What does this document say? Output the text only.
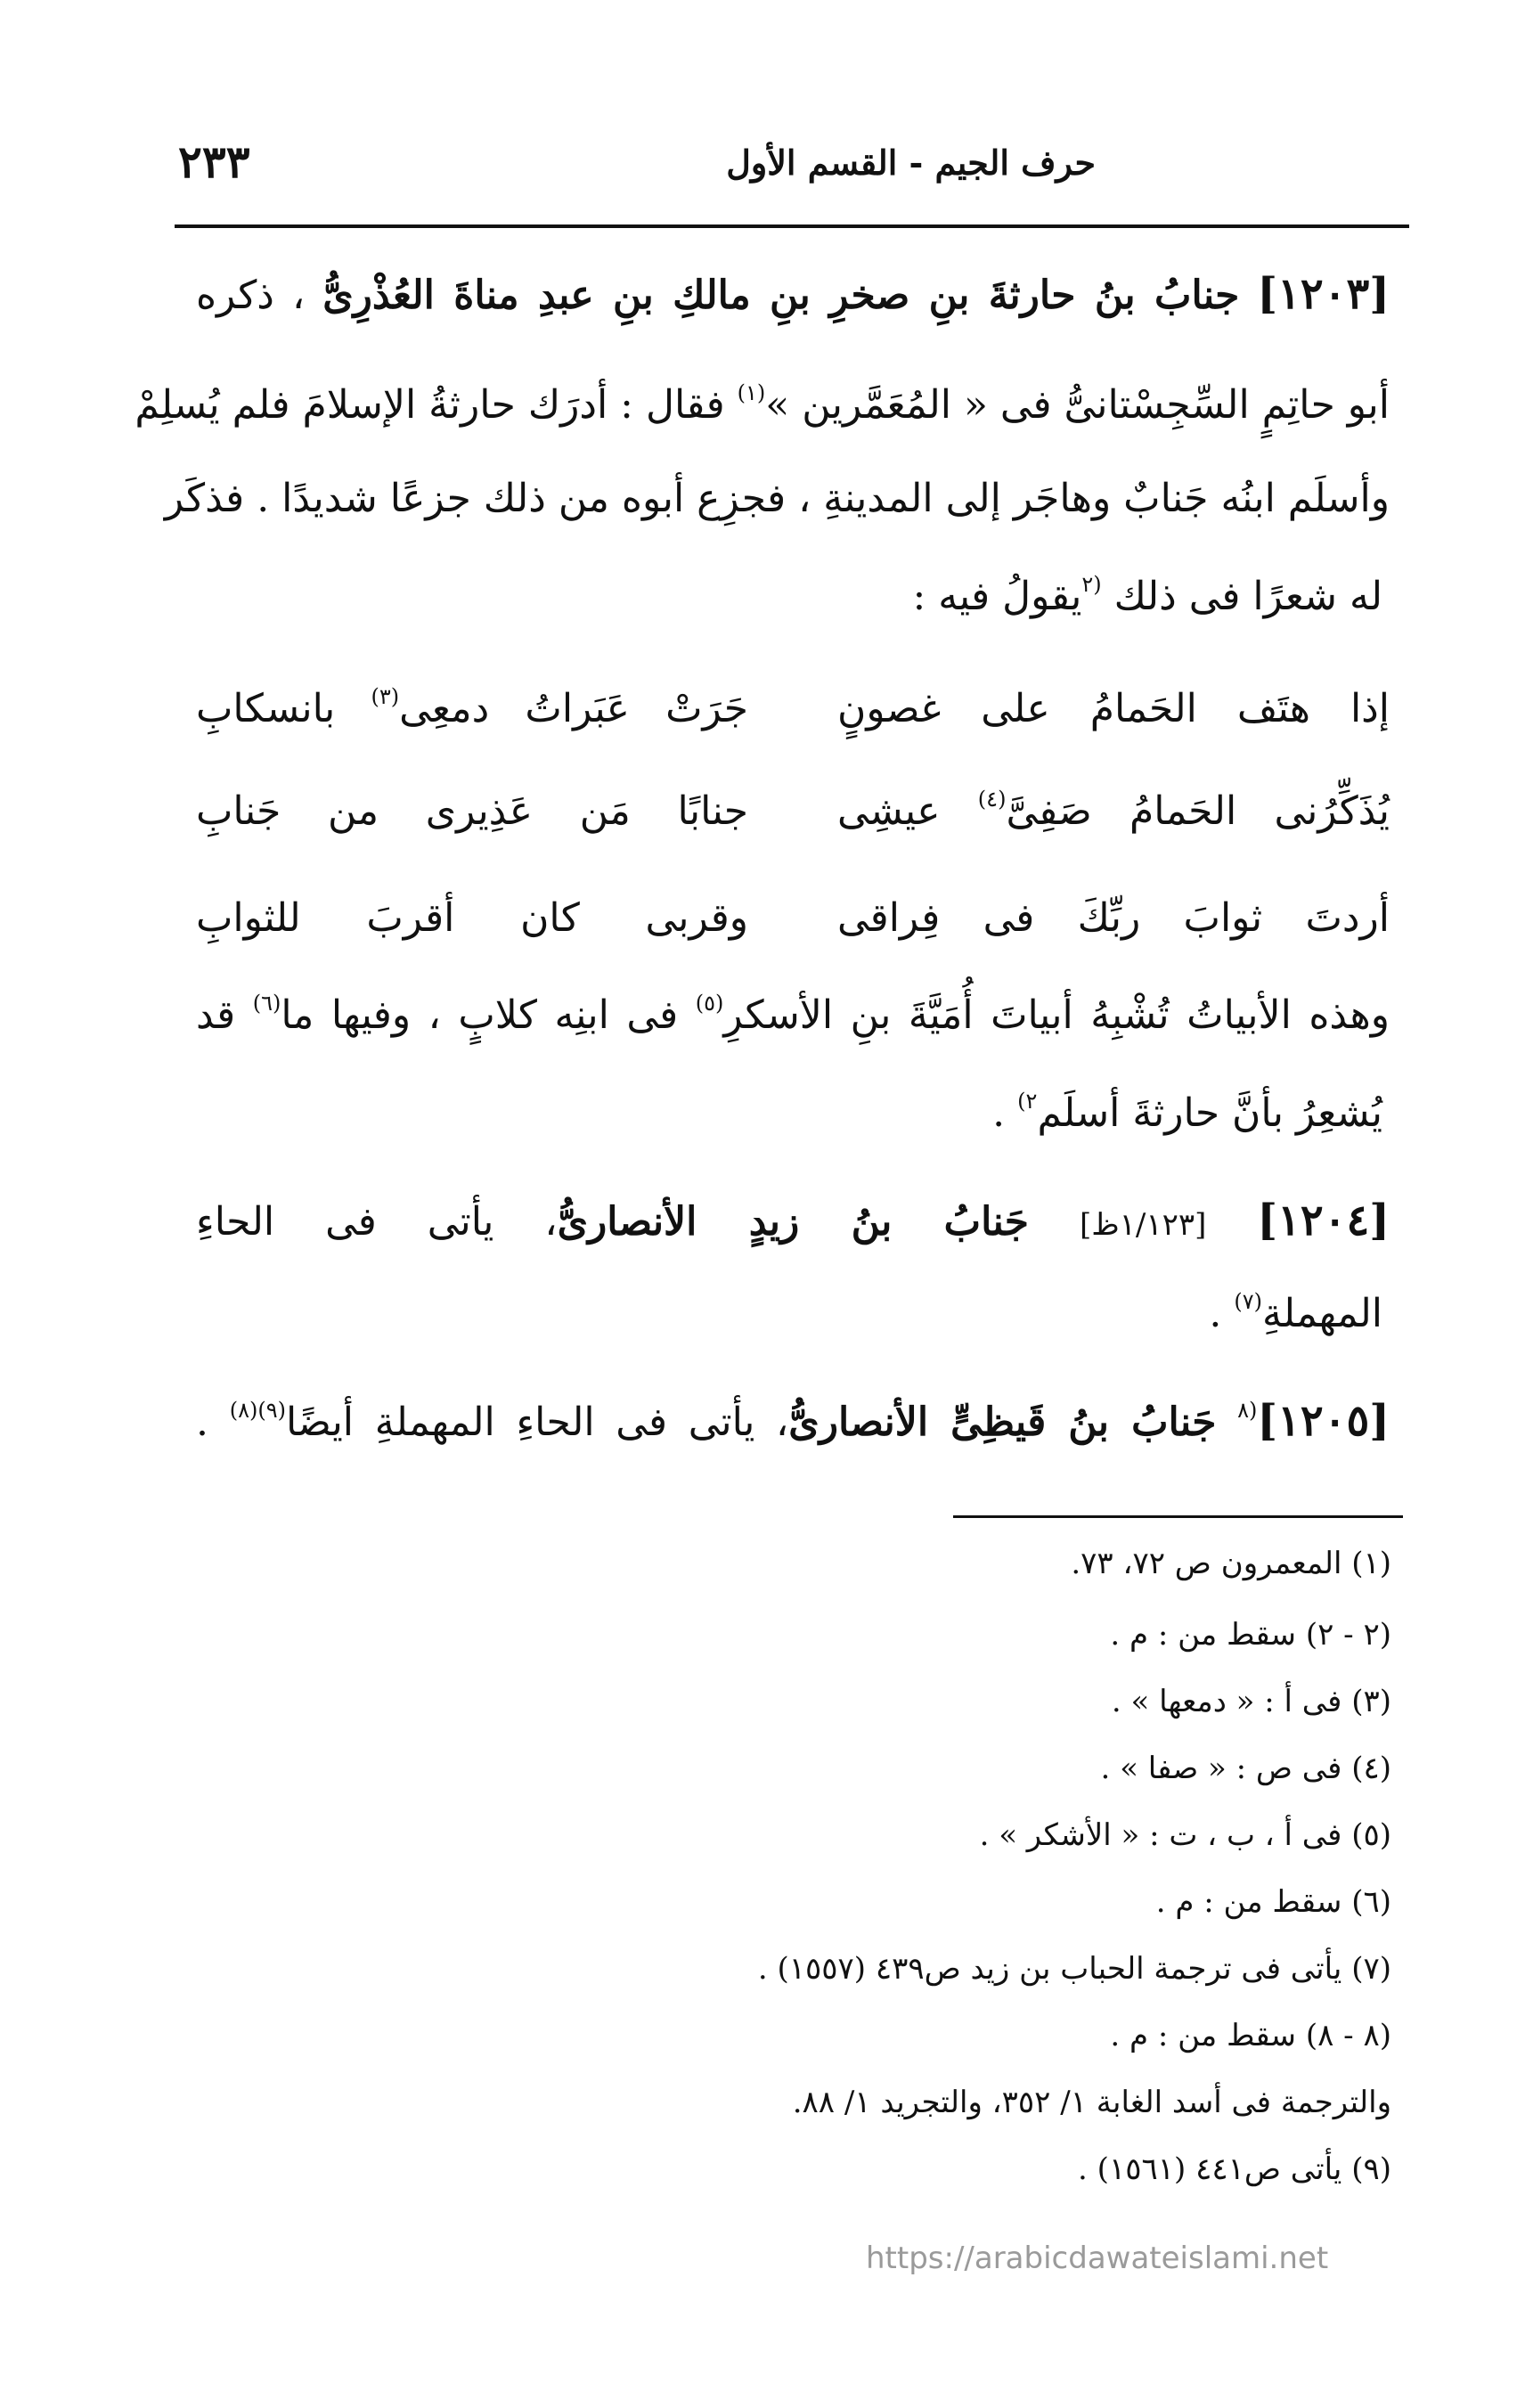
حرف الجيم - القسم الأول
٢٣٣
[١٢٠٣] جنابُ بنُ حارثةَ بنِ صخرِ بنِ مالكِ بنِ عبدِ مناةَ العُذْرِىُّ ، ذكره
أبو حاتِمٍ السِّجِسْتانىُّ فى « المُعَمَّرين »$^{(١)}$ فقال : أدرَك حارثةُ الإسلامَ فلم يُسلِمْ
وأسلَم ابنُه جَنابٌ وهاجَر إلى المدينةِ ، فجزِع أبوه من ذلك جزعًا شديدًا . فذكَر
له شعرًا فى ذلك $^{(٢}$يقولُ فيه :
إذا هتَف الحَمامُ على غصونٍ
جَرَتْ عَبَراتُ دمعِى$^{(٣)}$ بانسكابِ
يُذَكِّرُنى الحَمامُ صَفِىَّ$^{(٤)}$ عيشِى
جنابًا مَن عَذِيرى من جَنابِ
أردتَ ثوابَ ربِّكَ فى فِراقى
وقربى كان أقربَ للثوابِ
وهذه الأبياتُ تُشْبِهُ أبياتَ أُمَيَّةَ بنِ الأسكرِ$^{(٥)}$ فى ابنِه كلابٍ ، وفيها ما$^{(٦)}$ قد
يُشعِرُ بأنَّ حارثةَ أسلَم$^{٢)}$ .
[١٢٠٤] [١/١٢٣ظ] جَنابُ بنُ زيدٍ الأنصارىُّ، يأتى فى الحاءِ
المهملةِ$^{(٧)}$ .
[١٢٠٥]$^{(٨}$ جَنابُ بنُ قَيظِىٍّ الأنصارىُّ، يأتى فى الحاءِ المهملةِ أيضًا$^{(٩)(٨)}$ .
(١) المعمرون ص ٧٢، ٧٣.
(٢ - ٢) سقط من : م .
(٣) فى أ : « دمعها » .
(٤) فى ص : « صفا » .
(٥) فى أ ، ب ، ت : « الأشكر » .
(٦) سقط من : م .
(٧) يأتى فى ترجمة الحباب بن زيد ص٤٣٩ (١٥٥٧) .
(٨ - ٨) سقط من : م .
والترجمة فى أسد الغابة ١/ ٣٥٢، والتجريد ١/ ٨٨.
(٩) يأتى ص٤٤١ (١٥٦١) .
https://arabicdawateislami.net
